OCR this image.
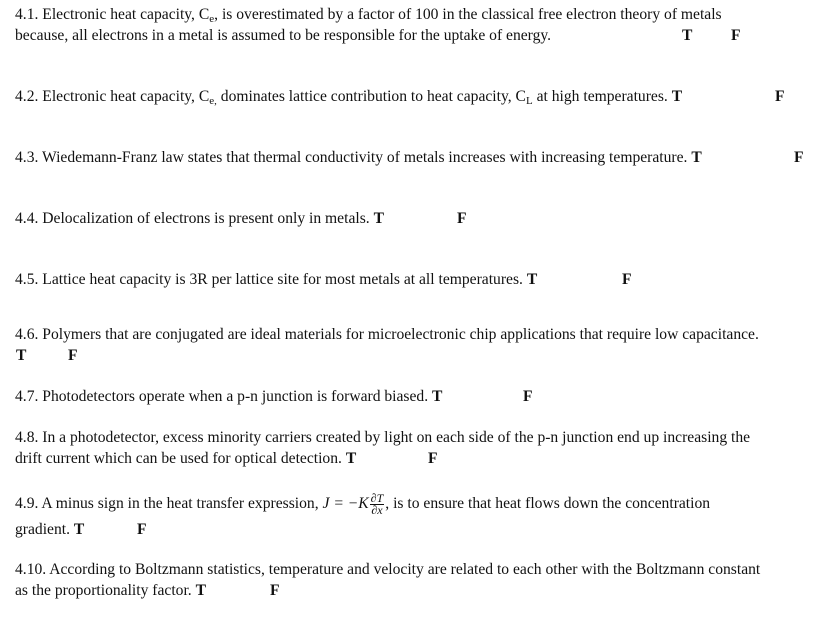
4.1. Electronic heat capacity, Ce, is overestimated by a factor of 100 in the classical free electron theory of metals
because, all electrons in a metal is assumed to be responsible for the uptake of energy.	T F
4.2. Electronic heat capacity, Ce, dominates lattice contribution to heat capacity, CL at high temperatures. T	F
4.3. Wiedemann-Franz law states that thermal conductivity of metals increases with increasing temperature. T	F
4.4. Delocalization of electrons is present only in metals. T	F
4.5. Lattice heat capacity is 3R per lattice site for most metals at all temperatures. T	F
4.6. Polymers that are conjugated are ideal materials for microelectronic chip applications that require low capacitance.
T	F
4.7. Photodetectors operate when a p-n junction is forward biased. T	F
4.8. In a photodetector, excess minority carriers created by light on each side of the p-n junction end up increasing the
drift current which can be used for optical detection. T	F
4.9. A minus sign in the heat transfer expression, $J = -K \frac{\partial T}{\partial x}$ , is to ensure that heat flows down the concentration
gradient. T	F
4.10. According to Boltzmann statistics, temperature and velocity are related to each other with the Boltzmann constant
as the proportionality factor. T	F
